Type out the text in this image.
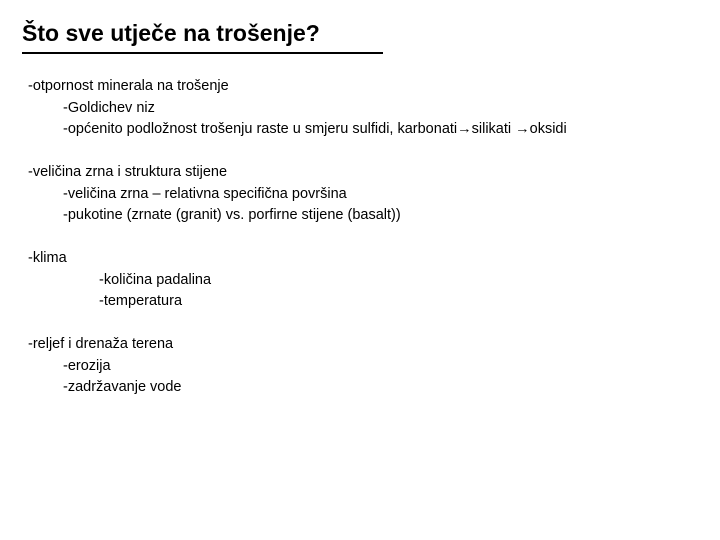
Što sve utječe na trošenje?
-otpornost minerala na trošenje
-Goldichev niz
-općenito podložnost trošenju raste u smjeru sulfidi, karbonati→silikati →oksidi
-veličina zrna i struktura stijene
-veličina zrna – relativna specifična površina
-pukotine (zrnate (granit) vs. porfirne stijene (basalt))
-klima
-količina padalina
-temperatura
-reljef i drenaža terena
-erozija
-zadržavanje vode
